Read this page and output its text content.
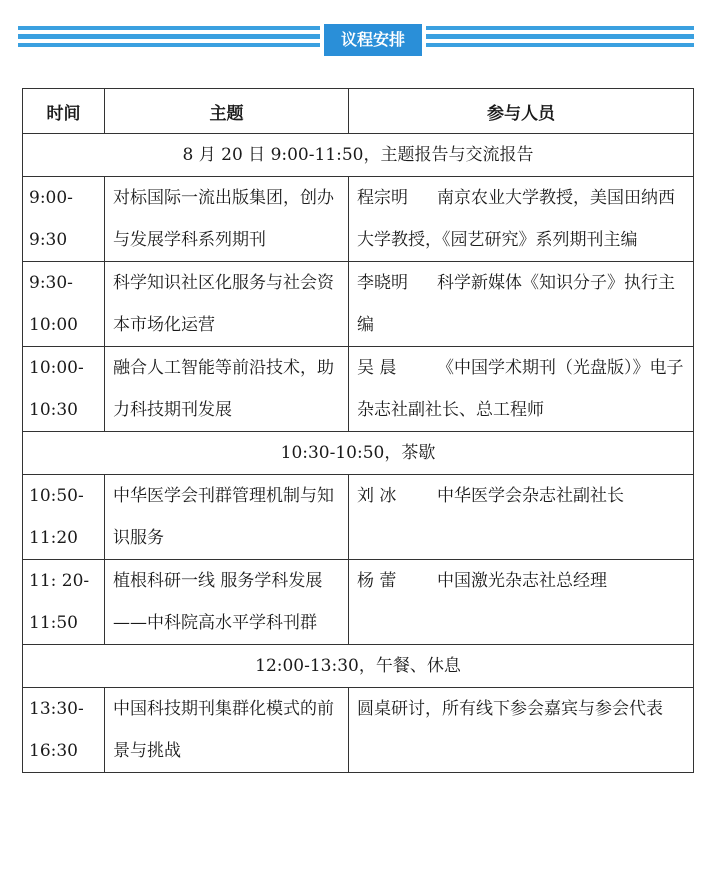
议程安排
时间	主题	参与人员
8 月 20 日 9:00-11:50，主题报告与交流报告		

9:00-
9:30	对标国际一流出版集团，创办与发展学科系列期刊	程宗明 南京农业大学教授，美国田纳西大学教授，《园艺研究》系列期刊主编

9:30-
10:00	科学知识社区化服务与社会资本市场化运营	李晓明 科学新媒体《知识分子》执行主编

10:00-
10:30	融合人工智能等前沿技术，助力科技期刊发展	吴 晨 《中国学术期刊（光盘版）》电子杂志社副社长、总工程师
10:30-10:50，茶歇		

10:50-
11:20	中华医学会刊群管理机制与知识服务	刘 冰 中华医学会杂志社副社长

11: 20-
11:50	植根科研一线 服务学科发展——中科院高水平学科刊群	杨 蕾 中国激光杂志社总经理
12:00-13:30，午餐、休息		

13:30-
16:30	中国科技期刊集群化模式的前景与挑战	圆桌研讨，所有线下参会嘉宾与参会代表
